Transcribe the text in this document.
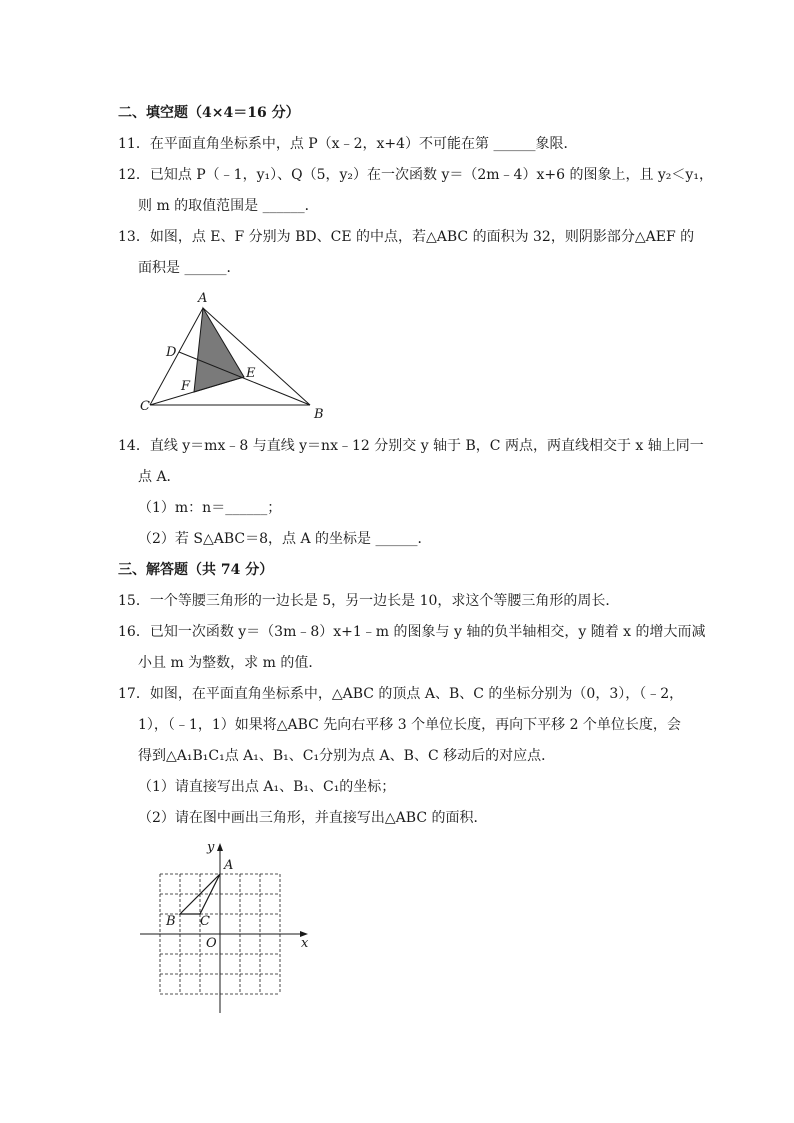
二、填空题（4×4＝16 分）
11．在平面直角坐标系中，点 P（x﹣2，x+4）不可能在第 ______象限．
12．已知点 P（﹣1，y₁）、Q（5，y₂）在一次函数 y＝（2m﹣4）x+6 的图象上，且 y₂＜y₁，
则 m 的取值范围是 ______．
13．如图，点 E、F 分别为 BD、CE 的中点，若△ABC 的面积为 32，则阴影部分△AEF 的
面积是 ______．
A
B
C
D
E
F
14．直线 y＝mx﹣8 与直线 y＝nx﹣12 分别交 y 轴于 B，C 两点，两直线相交于 x 轴上同一
点 A．
（1）m：n＝______；
（2）若 S△ABC＝8，点 A 的坐标是 ______．
三、解答题（共 74 分）
15．一个等腰三角形的一边长是 5，另一边长是 10，求这个等腰三角形的周长．
16．已知一次函数 y＝（3m﹣8）x+1﹣m 的图象与 y 轴的负半轴相交，y 随着 x 的增大而减
小且 m 为整数，求 m 的值．
17．如图，在平面直角坐标系中，△ABC 的顶点 A、B、C 的坐标分别为（0，3），（﹣2，
1），（﹣1，1）如果将△ABC 先向右平移 3 个单位长度，再向下平移 2 个单位长度，会
得到△A₁B₁C₁点 A₁、B₁、C₁分别为点 A、B、C 移动后的对应点．
（1）请直接写出点 A₁、B₁、C₁的坐标；
（2）请在图中画出三角形，并直接写出△ABC 的面积．
A
B C
O	x
y
